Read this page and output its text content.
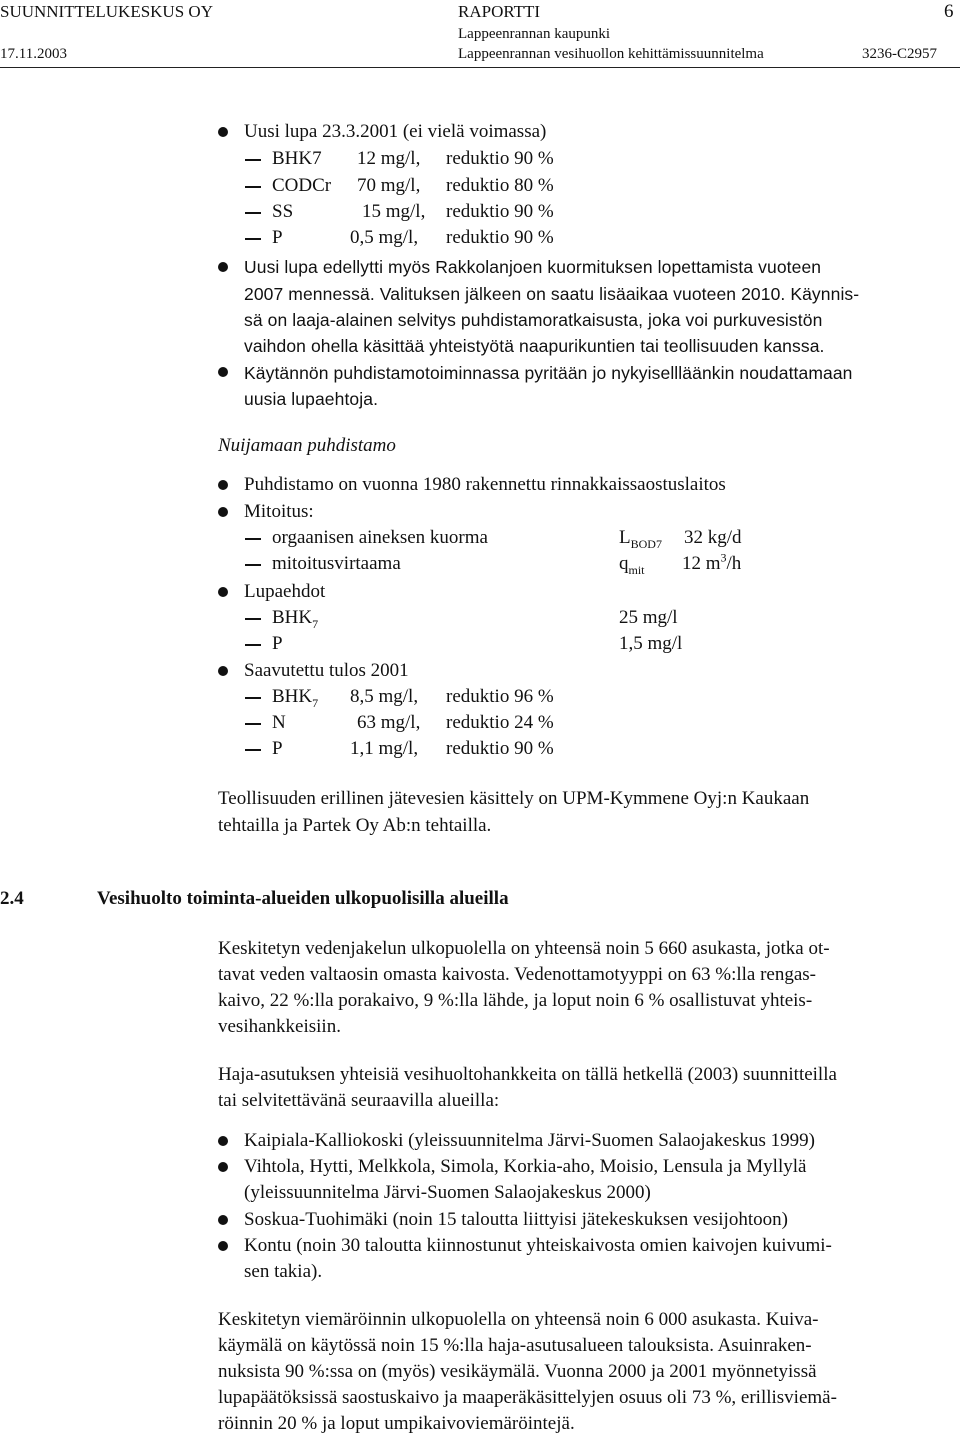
SUUNNITTELUKESKUS OY	RAPORTTI	6
Lappeenrannan kaupunki
17.11.2003	Lappeenrannan vesihuollon kehittämissuunnitelma	3236-C2957
Uusi lupa 23.3.2001 (ei vielä voimassa)
BHK7 12 mg/l, reduktio 90 %
CODCr 70 mg/l, reduktio 80 %
SS	15 mg/l, reduktio 90 %
P	0,5 mg/l, reduktio 90 %
Uusi lupa edellytti myös Rakkolanjoen kuormituksen lopettamista vuoteen
2007 mennessä. Valituksen jälkeen on saatu lisäaikaa vuoteen 2010. Käynnis-
sä on laaja-alainen selvitys puhdistamoratkaisusta, joka voi purkuvesistön
vaihdon ohella käsittää yhteistyötä naapurikuntien tai teollisuuden kanssa.
Käytännön puhdistamotoiminnassa pyritään jo nykyisellläänkin noudattamaan
uusia lupaehtoja.
Nuijamaan puhdistamo
Puhdistamo on vuonna 1980 rakennettu rinnakkaissaostuslaitos
Mitoitus:
orgaanisen aineksen kuorma	$L_{BOD7}$ 32 kg/d
mitoitusvirtaama	$q_{mit}$ 12 $m^3/h$
Lupaehdot
$BHK_7$	25 mg/l
P	1,5 mg/l
Saavutettu tulos 2001
$BHK_7$ 8,5 mg/l, reduktio 96 %
N	63 mg/l, reduktio 24 %
P	1,1 mg/l, reduktio 90 %
Teollisuuden erillinen jätevesien käsittely on UPM-Kymmene Oyj:n Kaukaan
tehtailla ja Partek Oy Ab:n tehtailla.
2.4	Vesihuolto toiminta-alueiden ulkopuolisilla alueilla
Keskitetyn vedenjakelun ulkopuolella on yhteensä noin 5 660 asukasta, jotka ot-
tavat veden valtaosin omasta kaivosta. Vedenottamotyyppi on 63 %:lla rengas-
kaivo, 22 %:lla porakaivo, 9 %:lla lähde, ja loput noin 6 % osallistuvat yhteis-
vesihankkeisiin.
Haja-asutuksen yhteisiä vesihuoltohankkeita on tällä hetkellä (2003) suunnitteilla
tai selvitettävänä seuraavilla alueilla:
Kaipiala-Kalliokoski (yleissuunnitelma Järvi-Suomen Salaojakeskus 1999)
Vihtola, Hytti, Melkkola, Simola, Korkia-aho, Moisio, Lensula ja Myllylä
(yleissuunnitelma Järvi-Suomen Salaojakeskus 2000)
Soskua-Tuohimäki (noin 15 taloutta liittyisi jätekeskuksen vesijohtoon)
Kontu (noin 30 taloutta kiinnostunut yhteiskaivosta omien kaivojen kuivumi-
sen takia).
Keskitetyn viemäröinnin ulkopuolella on yhteensä noin 6 000 asukasta. Kuiva-
käymälä on käytössä noin 15 %:lla haja-asutusalueen talouksista. Asuinraken-
nuksista 90 %:ssa on (myös) vesikäymälä. Vuonna 2000 ja 2001 myönnetyissä
lupapäätöksissä saostuskaivo ja maaperäkäsittelyjen osuus oli 73 %, erillisviemä-
röinnin 20 % ja loput umpikaivoviemäröintejä.
